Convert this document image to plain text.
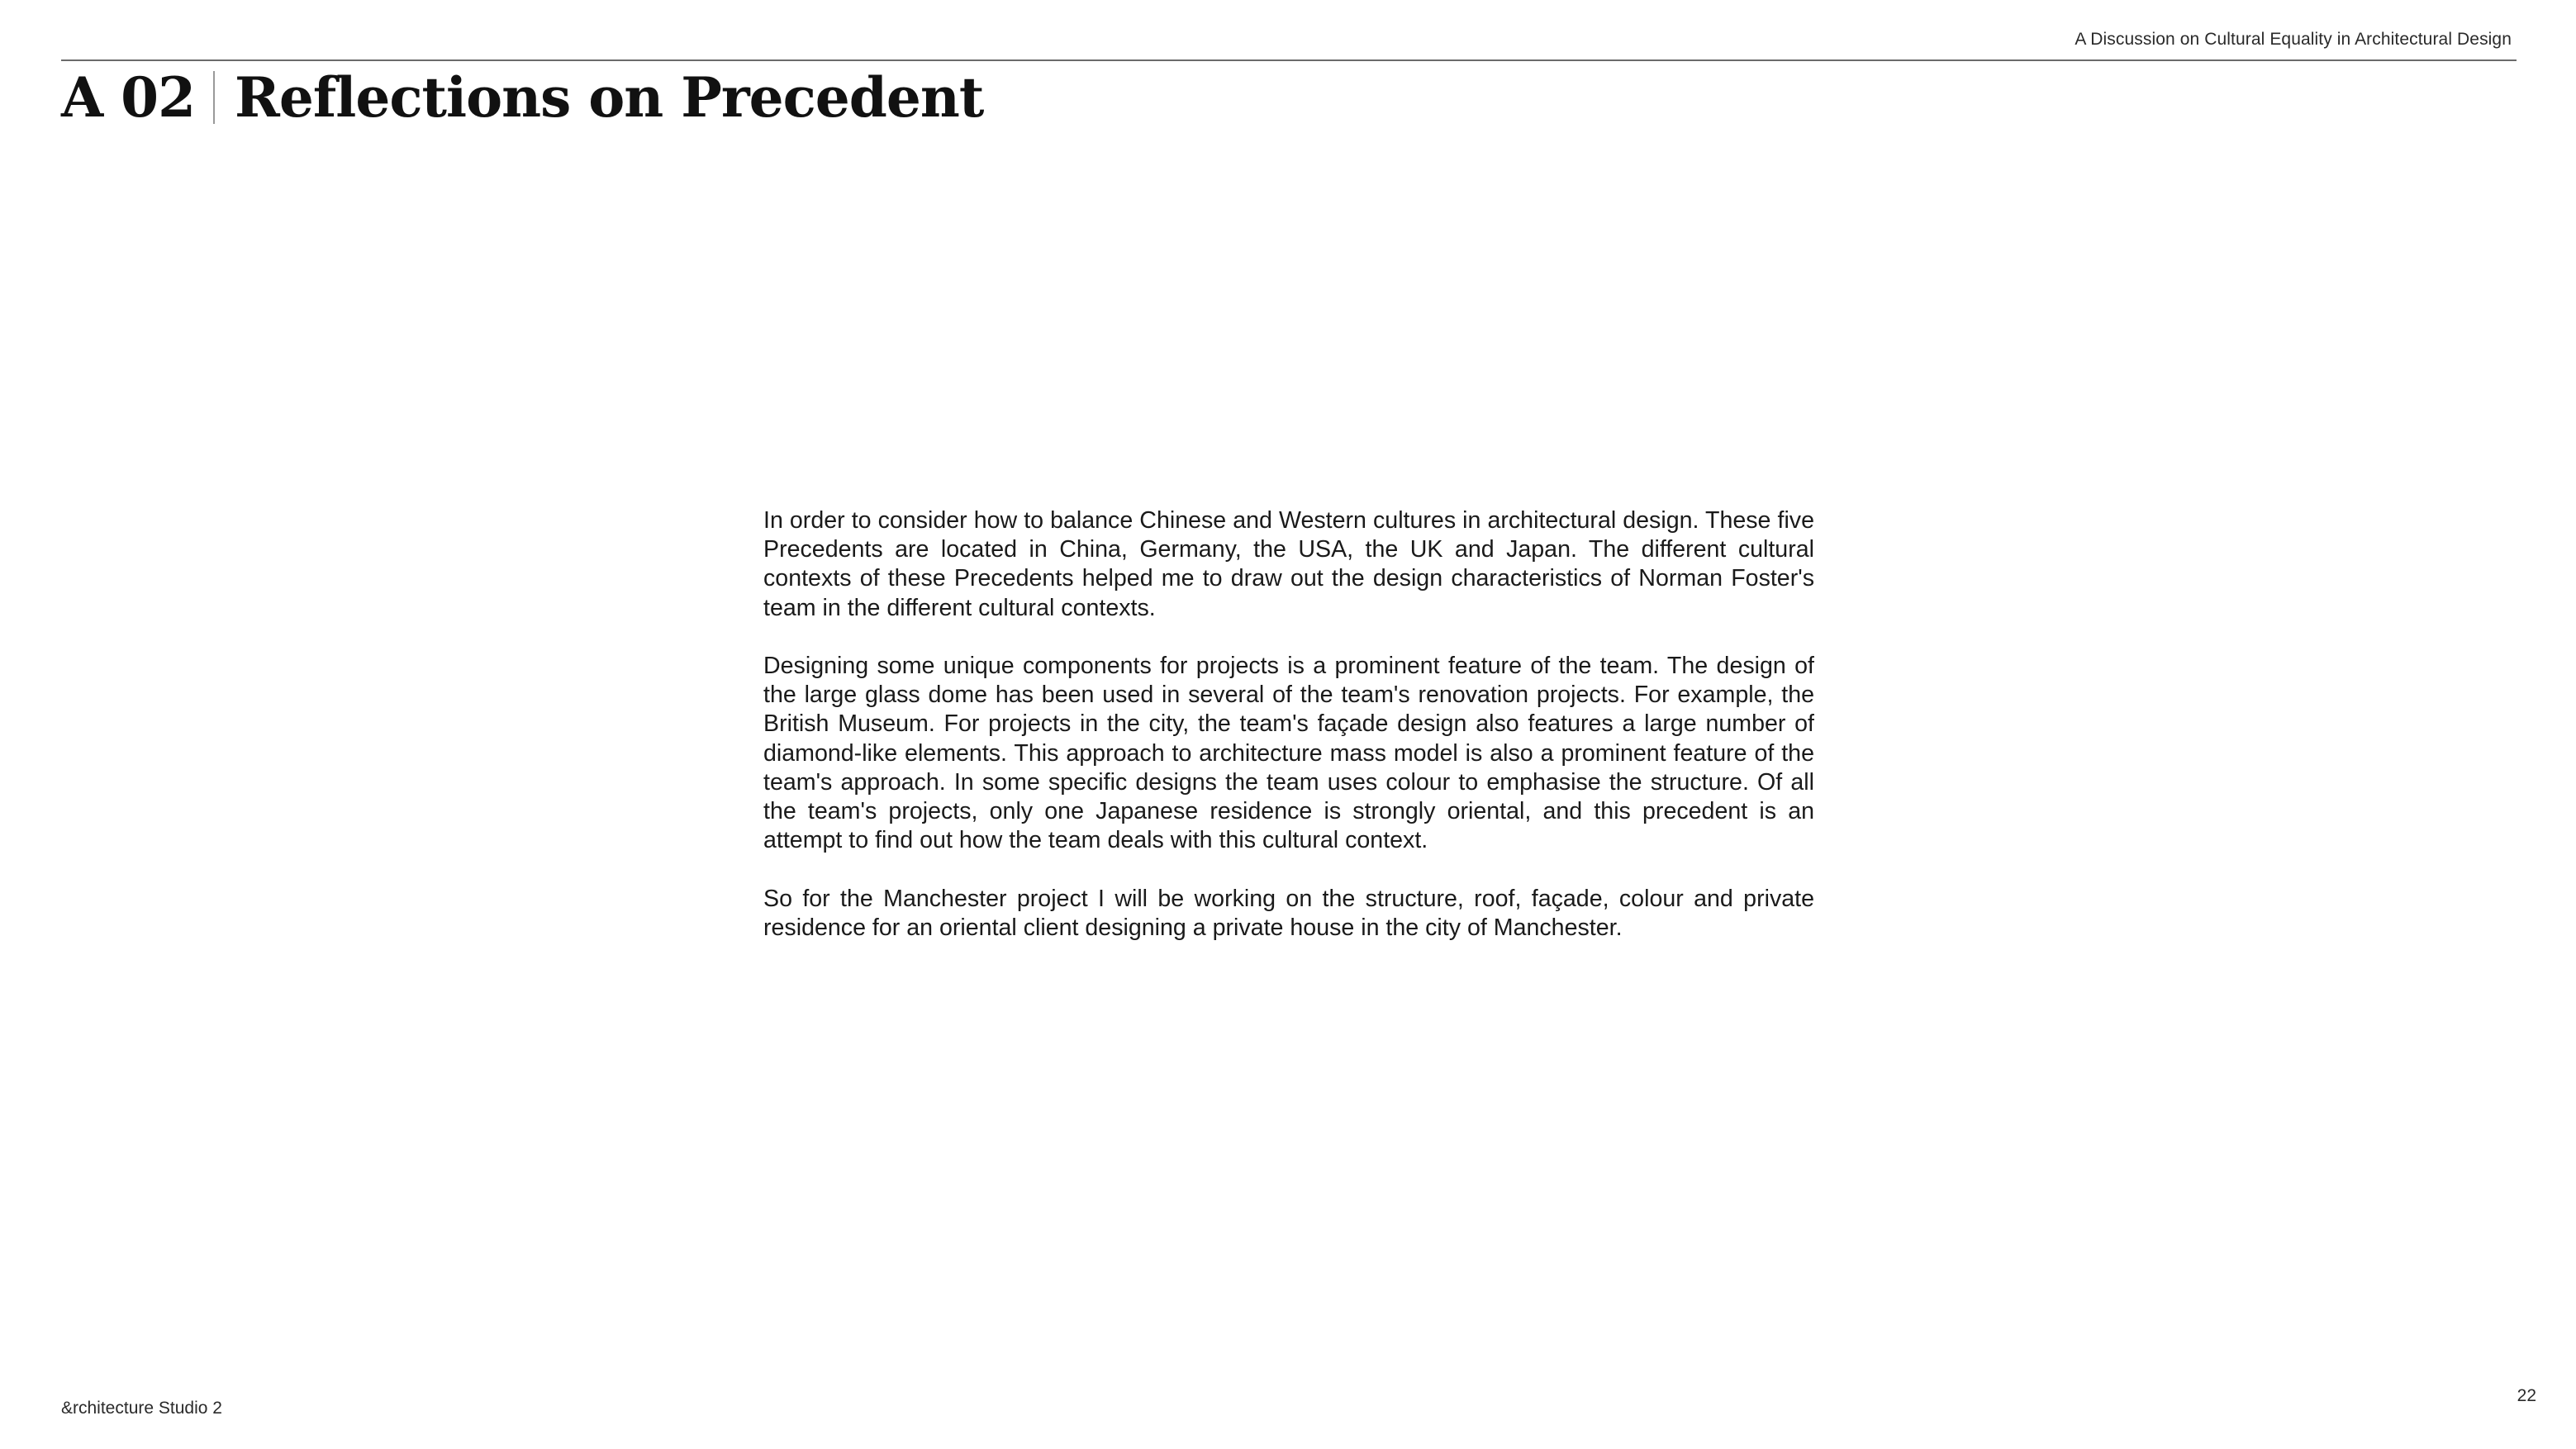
A Discussion on Cultural Equality in Architectural Design
A 02 Reflections on Precedent

In order to consider how to balance Chinese and Western cultures in architectural design. These five Precedents are located in China, Germany, the USA, the UK and Japan. The different cultural contexts of these Precedents helped me to draw out the design characteristics of Norman Foster's team in the different cultural contexts.

Designing some unique components for projects is a prominent feature of the team. The design of the large glass dome has been used in several of the team's renovation projects. For example, the British Museum. For projects in the city, the team's façade design also features a large number of diamond-like elements. This approach to architecture mass model is also a prominent feature of the team's approach. In some specific designs the team uses colour to emphasise the structure. Of all the team's projects, only one Japanese residence is strongly oriental, and this precedent is an attempt to find out how the team deals with this cultural context.

So for the Manchester project I will be working on the structure, roof, façade, colour and private residence for an oriental client designing a private house in the city of Manchester.

&rchitecture Studio 2
22
